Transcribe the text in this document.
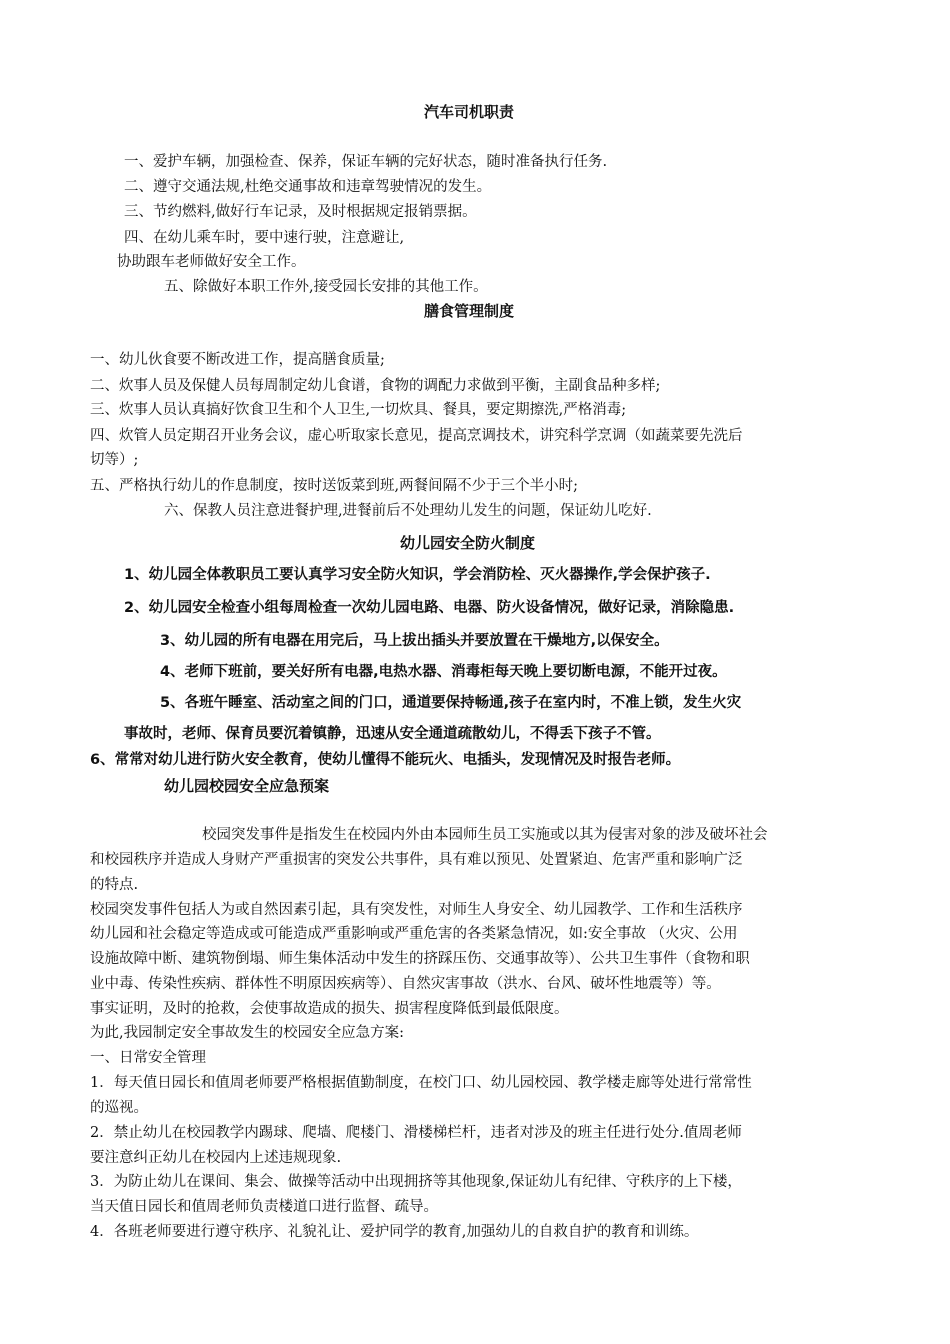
汽车司机职责
一、爱护车辆，加强检查、保养，保证车辆的完好状态，随时准备执行任务.
二、遵守交通法规,杜绝交通事故和违章驾驶情况的发生。
三、节约燃料,做好行车记录，及时根据规定报销票据。
四、在幼儿乘车时，要中速行驶，注意避让,
协助跟车老师做好安全工作。
五、除做好本职工作外,接受园长安排的其他工作。
膳食管理制度
一、幼儿伙食要不断改进工作，提高膳食质量;
二、炊事人员及保健人员每周制定幼儿食谱，食物的调配力求做到平衡，主副食品种多样;
三、炊事人员认真搞好饮食卫生和个人卫生,一切炊具、餐具，要定期擦洗,严格消毒;
四、炊管人员定期召开业务会议，虚心听取家长意见，提高烹调技术，讲究科学烹调（如蔬菜要先洗后
切等）;
五、严格执行幼儿的作息制度，按时送饭菜到班,两餐间隔不少于三个半小时;
六、保教人员注意进餐护理,进餐前后不处理幼儿发生的问题，保证幼儿吃好.
幼儿园安全防火制度
1、幼儿园全体教职员工要认真学习安全防火知识，学会消防栓、灭火器操作,学会保护孩子.
2、幼儿园安全检查小组每周检查一次幼儿园电路、电器、防火设备情况，做好记录，消除隐患.
3、幼儿园的所有电器在用完后，马上拔出插头并要放置在干燥地方,以保安全。
4、老师下班前，要关好所有电器,电热水器、消毒柜每天晚上要切断电源，不能开过夜。
5、各班午睡室、活动室之间的门口，通道要保持畅通,孩子在室内时，不准上锁，发生火灾
事故时，老师、保育员要沉着镇静，迅速从安全通道疏散幼儿，不得丢下孩子不管。
6、常常对幼儿进行防火安全教育，使幼儿懂得不能玩火、电插头，发现情况及时报告老师。
幼儿园校园安全应急预案
校园突发事件是指发生在校园内外由本园师生员工实施或以其为侵害对象的涉及破坏社会
和校园秩序并造成人身财产严重损害的突发公共事件，具有难以预见、处置紧迫、危害严重和影响广泛
的特点.
校园突发事件包括人为或自然因素引起，具有突发性，对师生人身安全、幼儿园教学、工作和生活秩序
幼儿园和社会稳定等造成或可能造成严重影响或严重危害的各类紧急情况，如:安全事故 （火灾、公用
设施故障中断、建筑物倒塌、师生集体活动中发生的挤踩压伤、交通事故等）、公共卫生事件（食物和职
业中毒、传染性疾病、群体性不明原因疾病等）、自然灾害事故（洪水、台风、破坏性地震等）等。
事实证明，及时的抢救，会使事故造成的损失、损害程度降低到最低限度。
为此,我园制定安全事故发生的校园安全应急方案:
一、日常安全管理
1．每天值日园长和值周老师要严格根据值勤制度，在校门口、幼儿园校园、教学楼走廊等处进行常常性
的巡视。
2．禁止幼儿在校园教学内踢球、爬墙、爬楼门、滑楼梯栏杆，违者对涉及的班主任进行处分.值周老师
要注意纠正幼儿在校园内上述违规现象.
3．为防止幼儿在课间、集会、做操等活动中出现拥挤等其他现象,保证幼儿有纪律、守秩序的上下楼，
当天值日园长和值周老师负责楼道口进行监督、疏导。
4．各班老师要进行遵守秩序、礼貌礼让、爱护同学的教育,加强幼儿的自救自护的教育和训练。
